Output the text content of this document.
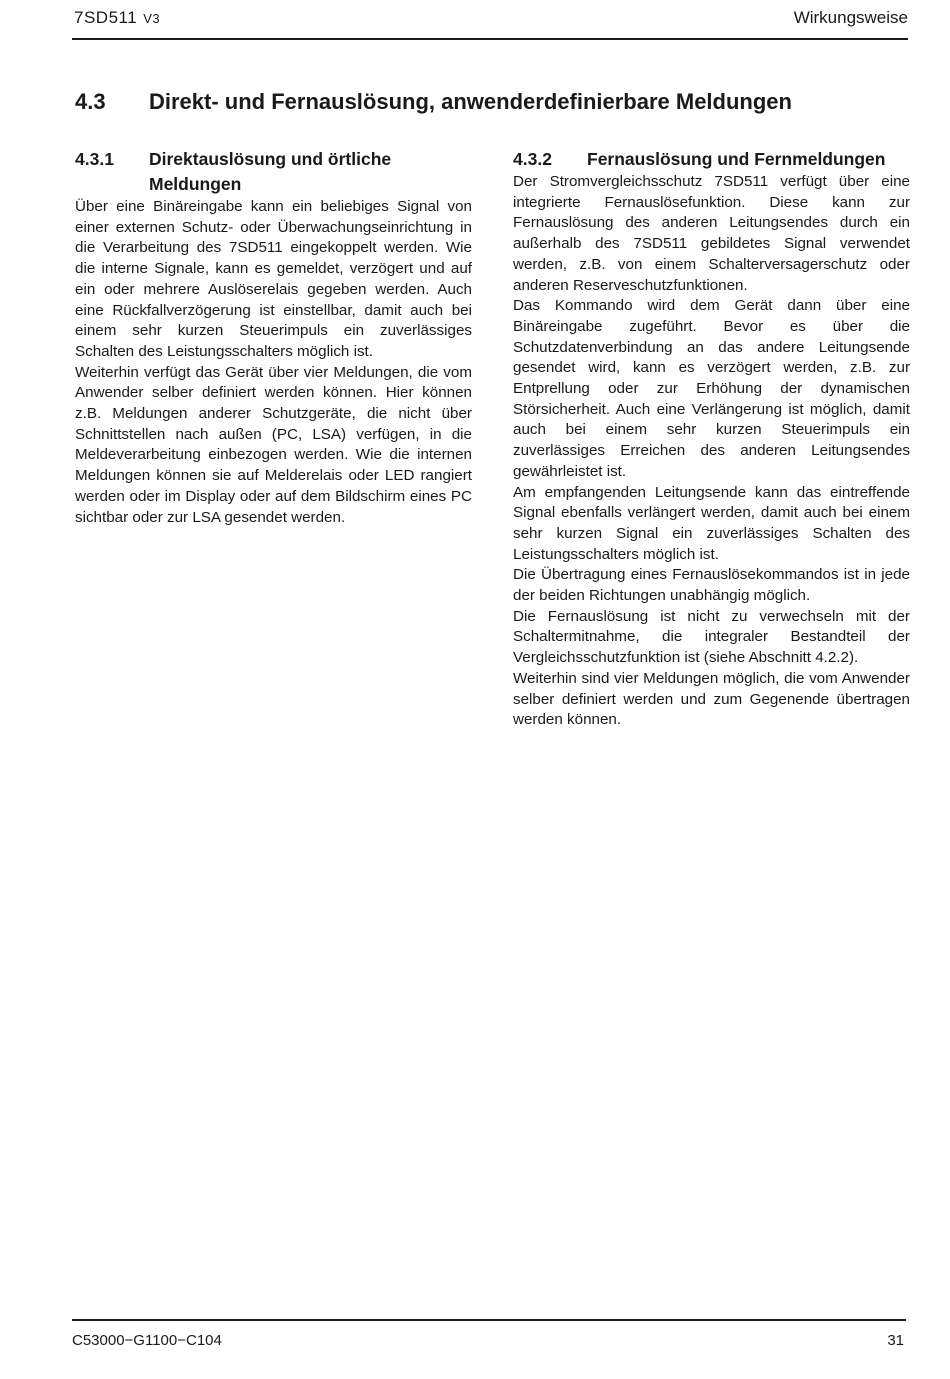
7SD511 V3	Wirkungsweise
4.3 Direkt- und Fernauslösung, anwenderdefinierbare Meldungen
4.3.1	Direktauslösung und örtliche Meldungen

Über eine Binäreingabe kann ein beliebiges Signal von einer externen Schutz- oder Überwachungseinrichtung in die Verarbeitung des 7SD511 eingekoppelt werden. Wie die interne Signale, kann es gemeldet, verzögert und auf ein oder mehrere Auslöserelais gegeben werden. Auch eine Rückfallverzögerung ist einstellbar, damit auch bei einem sehr kurzen Steuerimpuls ein zuverlässiges Schalten des Leistungsschalters möglich ist.

Weiterhin verfügt das Gerät über vier Meldungen, die vom Anwender selber definiert werden können. Hier können z.B. Meldungen anderer Schutzgeräte, die nicht über Schnittstellen nach außen (PC, LSA) verfügen, in die Meldeverarbeitung einbezogen werden. Wie die internen Meldungen können sie auf Melderelais oder LED rangiert werden oder im Display oder auf dem Bildschirm eines PC sichtbar oder zur LSA gesendet werden.

4.3.2	Fernauslösung und Fernmeldungen

Der Stromvergleichsschutz 7SD511 verfügt über eine integrierte Fernauslösefunktion. Diese kann zur Fernauslösung des anderen Leitungsendes durch ein außerhalb des 7SD511 gebildetes Signal verwendet werden, z.B. von einem Schalterversagerschutz oder anderen Reserveschutzfunktionen.

Das Kommando wird dem Gerät dann über eine Binäreingabe zugeführt. Bevor es über die Schutzdatenverbindung an das andere Leitungsende gesendet wird, kann es verzögert werden, z.B. zur Entprellung oder zur Erhöhung der dynamischen Störsicherheit. Auch eine Verlängerung ist möglich, damit auch bei einem sehr kurzen Steuerimpuls ein zuverlässiges Erreichen des anderen Leitungsendes gewährleistet ist.

Am empfangenden Leitungsende kann das eintreffende Signal ebenfalls verlängert werden, damit auch bei einem sehr kurzen Signal ein zuverlässiges Schalten des Leistungsschalters möglich ist.

Die Übertragung eines Fernauslösekommandos ist in jede der beiden Richtungen unabhängig möglich.

Die Fernauslösung ist nicht zu verwechseln mit der Schaltermitnahme, die integraler Bestandteil der Vergleichsschutzfunktion ist (siehe Abschnitt 4.2.2).

Weiterhin sind vier Meldungen möglich, die vom Anwender selber definiert werden und zum Gegenende übertragen werden können.

C53000−G1100−C104	31
